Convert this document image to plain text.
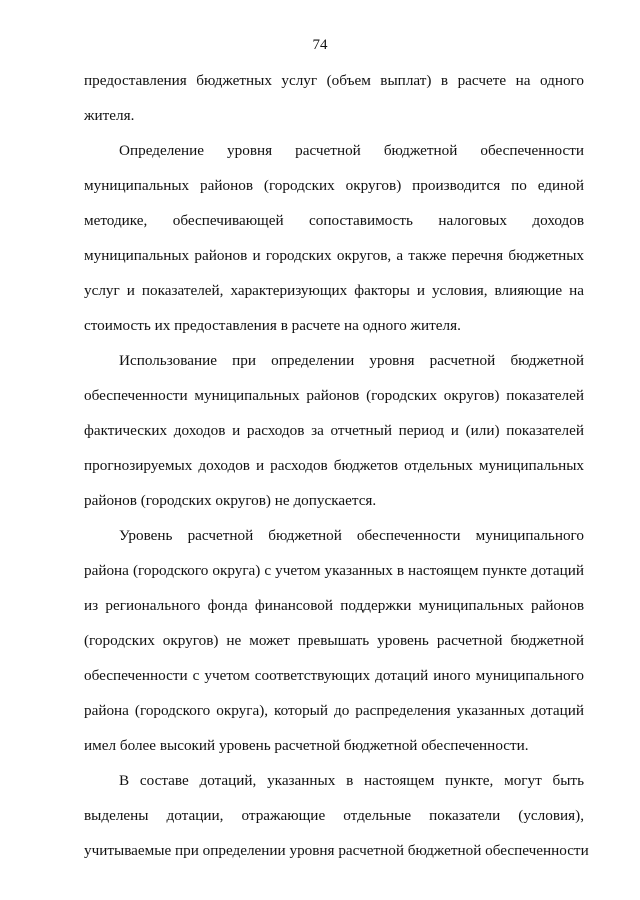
74
предоставления бюджетных услуг (объем выплат) в расчете на одного
жителя.
Определение уровня расчетной бюджетной обеспеченности
муниципальных районов (городских округов) производится по единой
методике, обеспечивающей сопоставимость налоговых доходов
муниципальных районов и городских округов, а также перечня бюджетных
услуг и показателей, характеризующих факторы и условия, влияющие на
стоимость их предоставления в расчете на одного жителя.
Использование при определении уровня расчетной бюджетной
обеспеченности муниципальных районов (городских округов) показателей
фактических доходов и расходов за отчетный период и (или) показателей
прогнозируемых доходов и расходов бюджетов отдельных муниципальных
районов (городских округов) не допускается.
Уровень расчетной бюджетной обеспеченности муниципального
района (городского округа) с учетом указанных в настоящем пункте дотаций
из регионального фонда финансовой поддержки муниципальных районов
(городских округов) не может превышать уровень расчетной бюджетной
обеспеченности с учетом соответствующих дотаций иного муниципального
района (городского округа), который до распределения указанных дотаций
имел более высокий уровень расчетной бюджетной обеспеченности.
В составе дотаций, указанных в настоящем пункте, могут быть
выделены дотации, отражающие отдельные показатели (условия),
учитываемые при определении уровня расчетной бюджетной обеспеченности
